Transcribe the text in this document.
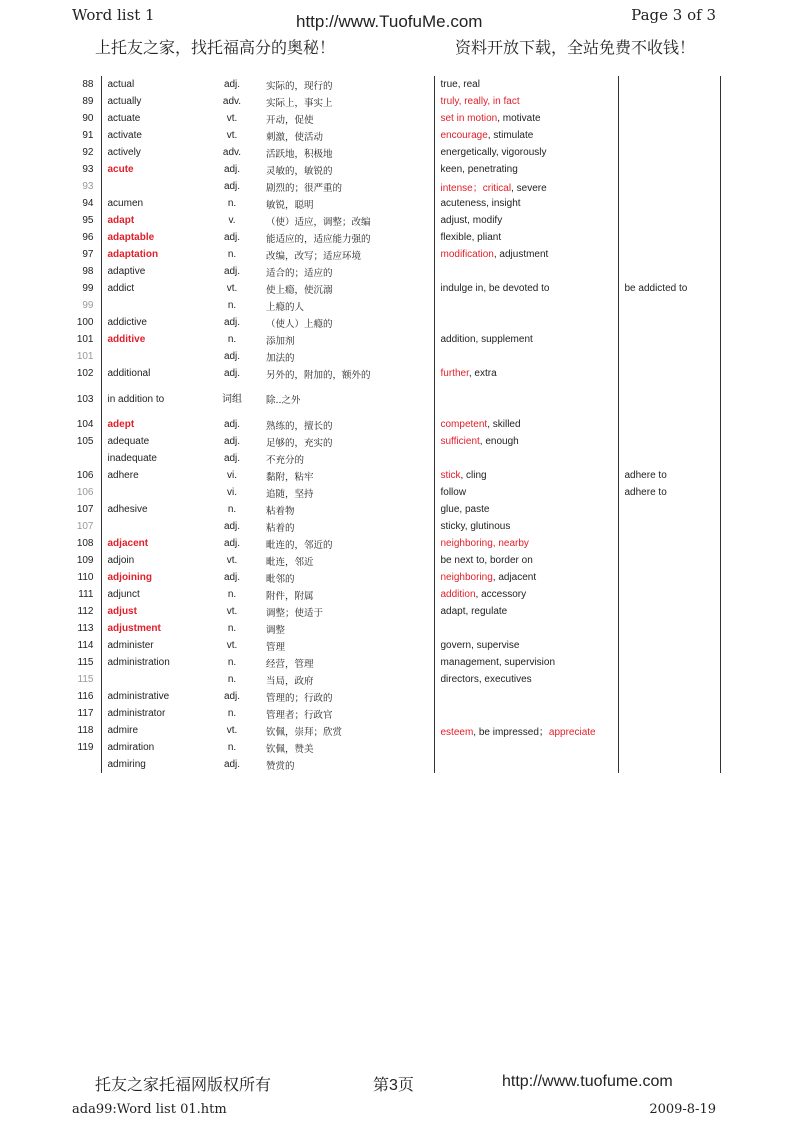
Word list 1	Page 3 of 3
http://www.TuofuMe.com
上托友之家，找托福高分的奥秘！	资料开放下载，全站免费不收钱！
88	actual	adj.	实际的，现行的	true, real	
89	actually	adv.	实际上，事实上	truly, really, in fact	
90	actuate	vt.	开动，促使	set in motion, motivate	
91	activate	vt.	刺激，使活动	encourage, stimulate	
92	actively	adv.	活跃地，积极地	energetically, vigorously	
93	acute	adj.	灵敏的，敏锐的	keen, penetrating	
93		adj.	剧烈的；很严重的	intense；critical, severe	
94	acumen	n.	敏锐，聪明	acuteness, insight	
95	adapt	v.	（使）适应，调整；改编	adjust, modify	
96	adaptable	adj.	能适应的，适应能力强的	flexible, pliant	
97	adaptation	n.	改编，改写；适应环境	modification, adjustment	
98	adaptive	adj.	适合的；适应的		
99	addict	vt.	使上瘾，使沉溺	indulge in, be devoted to	be addicted to
99		n.	上瘾的人		
100	addictive	adj.	（使人）上瘾的		
101	additive	n.	添加剂	addition, supplement	
101		adj.	加法的		
102	additional	adj.	另外的，附加的，额外的	further, extra	
103	in addition to	词组	除..之外		
104	adept	adj.	熟练的，擅长的	competent, skilled	
105	adequate	adj.	足够的，充实的	sufficient, enough	
	inadequate	adj.	不充分的		
106	adhere	vi.	黏附，粘牢	stick, cling	adhere to
106		vi.	追随，坚持	follow	adhere to
107	adhesive	n.	粘着物	glue, paste	
107		adj.	粘着的	sticky, glutinous	
108	adjacent	adj.	毗连的，邻近的	neighboring, nearby	
109	adjoin	vt.	毗连，邻近	be next to, border on	
110	adjoining	adj.	毗邻的	neighboring, adjacent	
111	adjunct	n.	附件，附属	addition, accessory	
112	adjust	vt.	调整；使适于	adapt, regulate	
113	adjustment	n.	调整		
114	administer	vt.	管理	govern, supervise	
115	administration	n.	经营，管理	management, supervision	
115		n.	当局，政府	directors, executives	
116	administrative	adj.	管理的；行政的		
117	administrator	n.	管理者；行政官		
118	admire	vt.	钦佩，崇拜；欣赏	esteem, be impressed；appreciate	
119	admiration	n.	钦佩，赞美		
	admiring	adj.	赞赏的		
托友之家托福网版权所有	第3页	http://www.tuofume.com
ada99:Word list 01.htm	2009-8-19
